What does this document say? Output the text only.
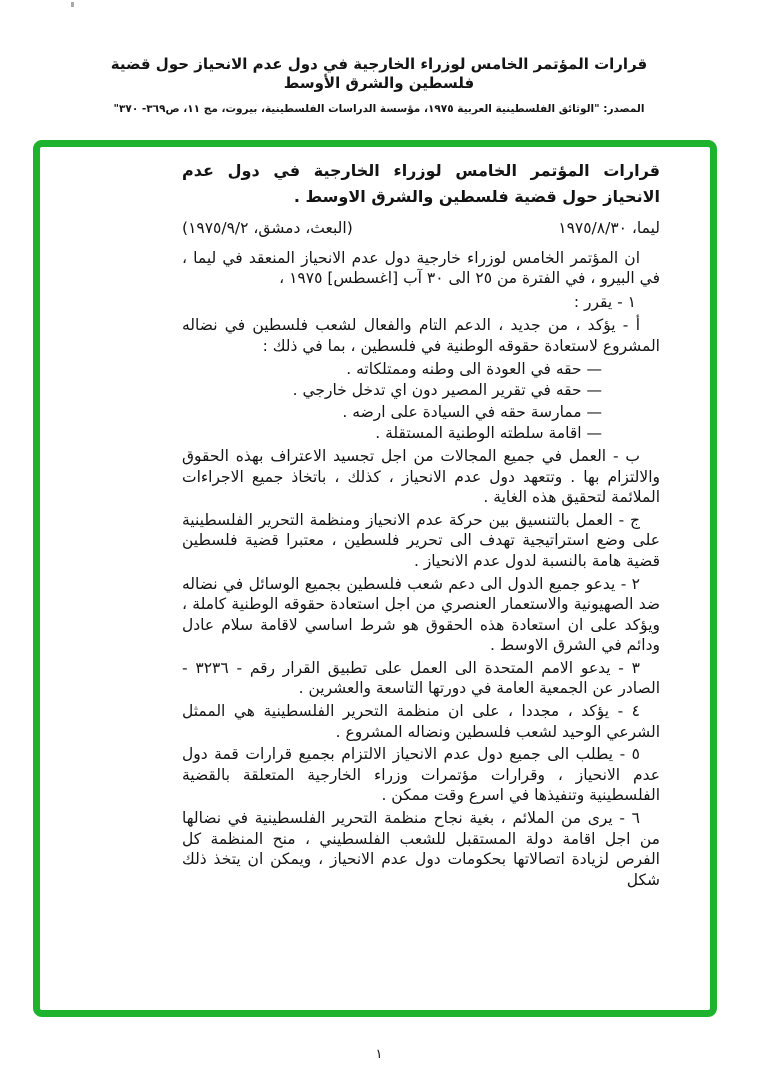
قرارات المؤتمر الخامس لوزراء الخارجية في دول عدم الانحياز حول قضية فلسطين والشرق الأوسط
المصدر: "الوثائق الفلسطينية العربية ١٩٧٥، مؤسسة الدراسات الفلسطينية، بيروت، مج ١١، ص٣٦٩- ٣٧٠"
قرارات المؤتمر الخامس لوزراء الخارجية في دول عدم الانحياز حول قضية فلسطين والشرق الاوسط .
ليما، ١٩٧٥/٨/٣٠
(البعث، دمشق، ١٩٧٥/٩/٢)
ان المؤتمر الخامس لوزراء خارجية دول عدم الانحياز المنعقد في ليما ، في البيرو ، في الفترة من ٢٥ الى ٣٠ آب [اغسطس] ١٩٧٥ ،
١ - يقرر :
أ - يؤكد ، من جديد ، الدعم التام والفعال لشعب فلسطين في نضاله المشروع لاستعادة حقوقه الوطنية في فلسطين ، بما في ذلك :
— حقه في العودة الى وطنه وممتلكاته .
— حقه في تقرير المصير دون اي تدخل خارجي .
— ممارسة حقه في السيادة على ارضه .
— اقامة سلطته الوطنية المستقلة .
ب - العمل في جميع المجالات من اجل تجسيد الاعتراف بهذه الحقوق والالتزام بها . وتتعهد دول عدم الانحياز ، كذلك ، باتخاذ جميع الاجراءات الملائمة لتحقيق هذه الغاية .
ج - العمل بالتنسيق بين حركة عدم الانحياز ومنظمة التحرير الفلسطينية على وضع استراتيجية تهدف الى تحرير فلسطين ، معتبرا قضية فلسطين قضية هامة بالنسبة لدول عدم الانحياز .
٢ - يدعو جميع الدول الى دعم شعب فلسطين بجميع الوسائل في نضاله ضد الصهيونية والاستعمار العنصري من اجل استعادة حقوقه الوطنية كاملة ، ويؤكد على ان استعادة هذه الحقوق هو شرط اساسي لاقامة سلام عادل ودائم في الشرق الاوسط .
٣ - يدعو الامم المتحدة الى العمل على تطبيق القرار رقم - ٣٢٣٦ - الصادر عن الجمعية العامة في دورتها التاسعة والعشرين .
٤ - يؤكد ، مجددا ، على ان منظمة التحرير الفلسطينية هي الممثل الشرعي الوحيد لشعب فلسطين ونضاله المشروع .
٥ - يطلب الى جميع دول عدم الانحياز الالتزام بجميع قرارات قمة دول عدم الانحياز ، وقرارات مؤتمرات وزراء الخارجية المتعلقة بالقضية الفلسطينية وتنفيذها في اسرع وقت ممكن .
٦ - يرى من الملائم ، بغية نجاح منظمة التحرير الفلسطينية في نضالها من اجل اقامة دولة المستقبل للشعب الفلسطيني ، منح المنظمة كل الفرص لزيادة اتصالاتها بحكومات دول عدم الانحياز ، ويمكن ان يتخذ ذلك شكل
١
